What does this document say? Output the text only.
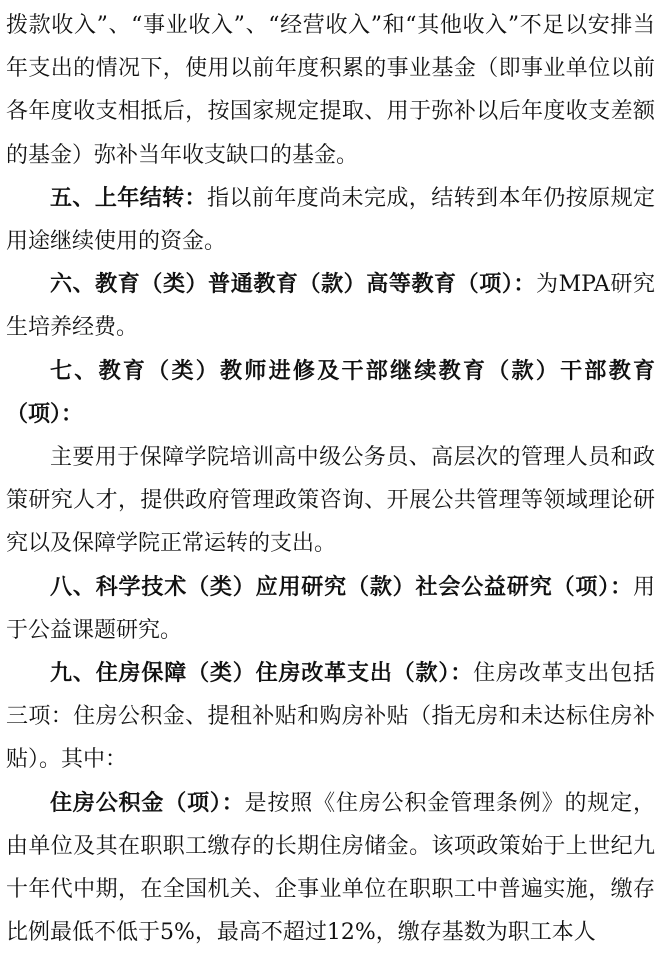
拨款收入”、“事业收入”、“经营收入”和“其他收入”不足以安排当年支出的情况下，使用以前年度积累的事业基金（即事业单位以前各年度收支相抵后，按国家规定提取、用于弥补以后年度收支差额的基金）弥补当年收支缺口的基金。

五、上年结转：指以前年度尚未完成，结转到本年仍按原规定用途继续使用的资金。

六、教育（类）普通教育（款）高等教育（项）：为MPA研究生培养经费。

七、教育（类）教师进修及干部继续教育（款）干部教育（项）：

主要用于保障学院培训高中级公务员、高层次的管理人员和政策研究人才，提供政府管理政策咨询、开展公共管理等领域理论研究以及保障学院正常运转的支出。

八、科学技术（类）应用研究（款）社会公益研究（项）：用于公益课题研究。

九、住房保障（类）住房改革支出（款）：住房改革支出包括三项：住房公积金、提租补贴和购房补贴（指无房和未达标住房补贴）。其中：

住房公积金（项）：是按照《住房公积金管理条例》的规定，由单位及其在职职工缴存的长期住房储金。该项政策始于上世纪九十年代中期，在全国机关、企事业单位在职职工中普遍实施，缴存比例最低不低于5%，最高不超过12%，缴存基数为职工本人
